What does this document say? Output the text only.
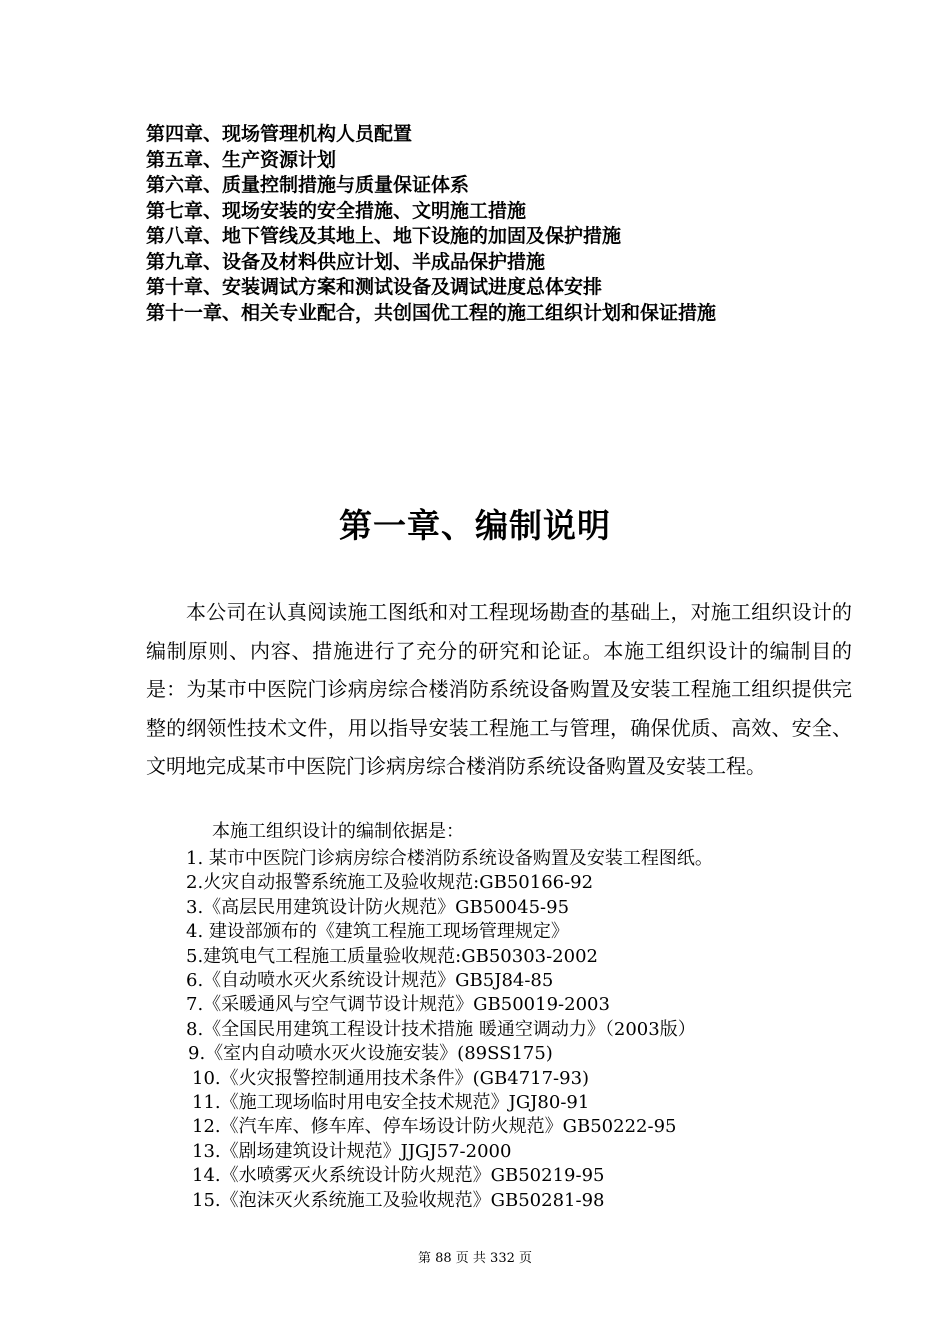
第四章、现场管理机构人员配置
第五章、生产资源计划
第六章、质量控制措施与质量保证体系
第七章、现场安装的安全措施、文明施工措施
第八章、地下管线及其地上、地下设施的加固及保护措施
第九章、设备及材料供应计划、半成品保护措施
第十章、安装调试方案和测试设备及调试进度总体安排
第十一章、相关专业配合，共创国优工程的施工组织计划和保证措施
第一章、编制说明

本公司在认真阅读施工图纸和对工程现场勘查的基础上，对施工组织设计的编制原则、内容、措施进行了充分的研究和论证。本施工组织设计的编制目的是：为某市中医院门诊病房综合楼消防系统设备购置及安装工程施工组织提供完整的纲领性技术文件，用以指导安装工程施工与管理，确保优质、高效、安全、文明地完成某市中医院门诊病房综合楼消防系统设备购置及安装工程。

本施工组织设计的编制依据是：
1. 某市中医院门诊病房综合楼消防系统设备购置及安装工程图纸。
2.火灾自动报警系统施工及验收规范:GB50166-92
3.《高层民用建筑设计防火规范》GB50045-95
4. 建设部颁布的《建筑工程施工现场管理规定》
5.建筑电气工程施工质量验收规范:GB50303-2002
6.《自动喷水灭火系统设计规范》GB5J84-85
7.《采暖通风与空气调节设计规范》GB50019-2003
8.《全国民用建筑工程设计技术措施 暖通空调动力》（2003版）
9.《室内自动喷水灭火设施安装》(89SS175)
10.《火灾报警控制通用技术条件》(GB4717-93)
11.《施工现场临时用电安全技术规范》JGJ80-91
12.《汽车库、修车库、停车场设计防火规范》GB50222-95
13.《剧场建筑设计规范》JJGJ57-2000
14.《水喷雾灭火系统设计防火规范》GB50219-95
15.《泡沫灭火系统施工及验收规范》GB50281-98
第 88 页 共 332 页
